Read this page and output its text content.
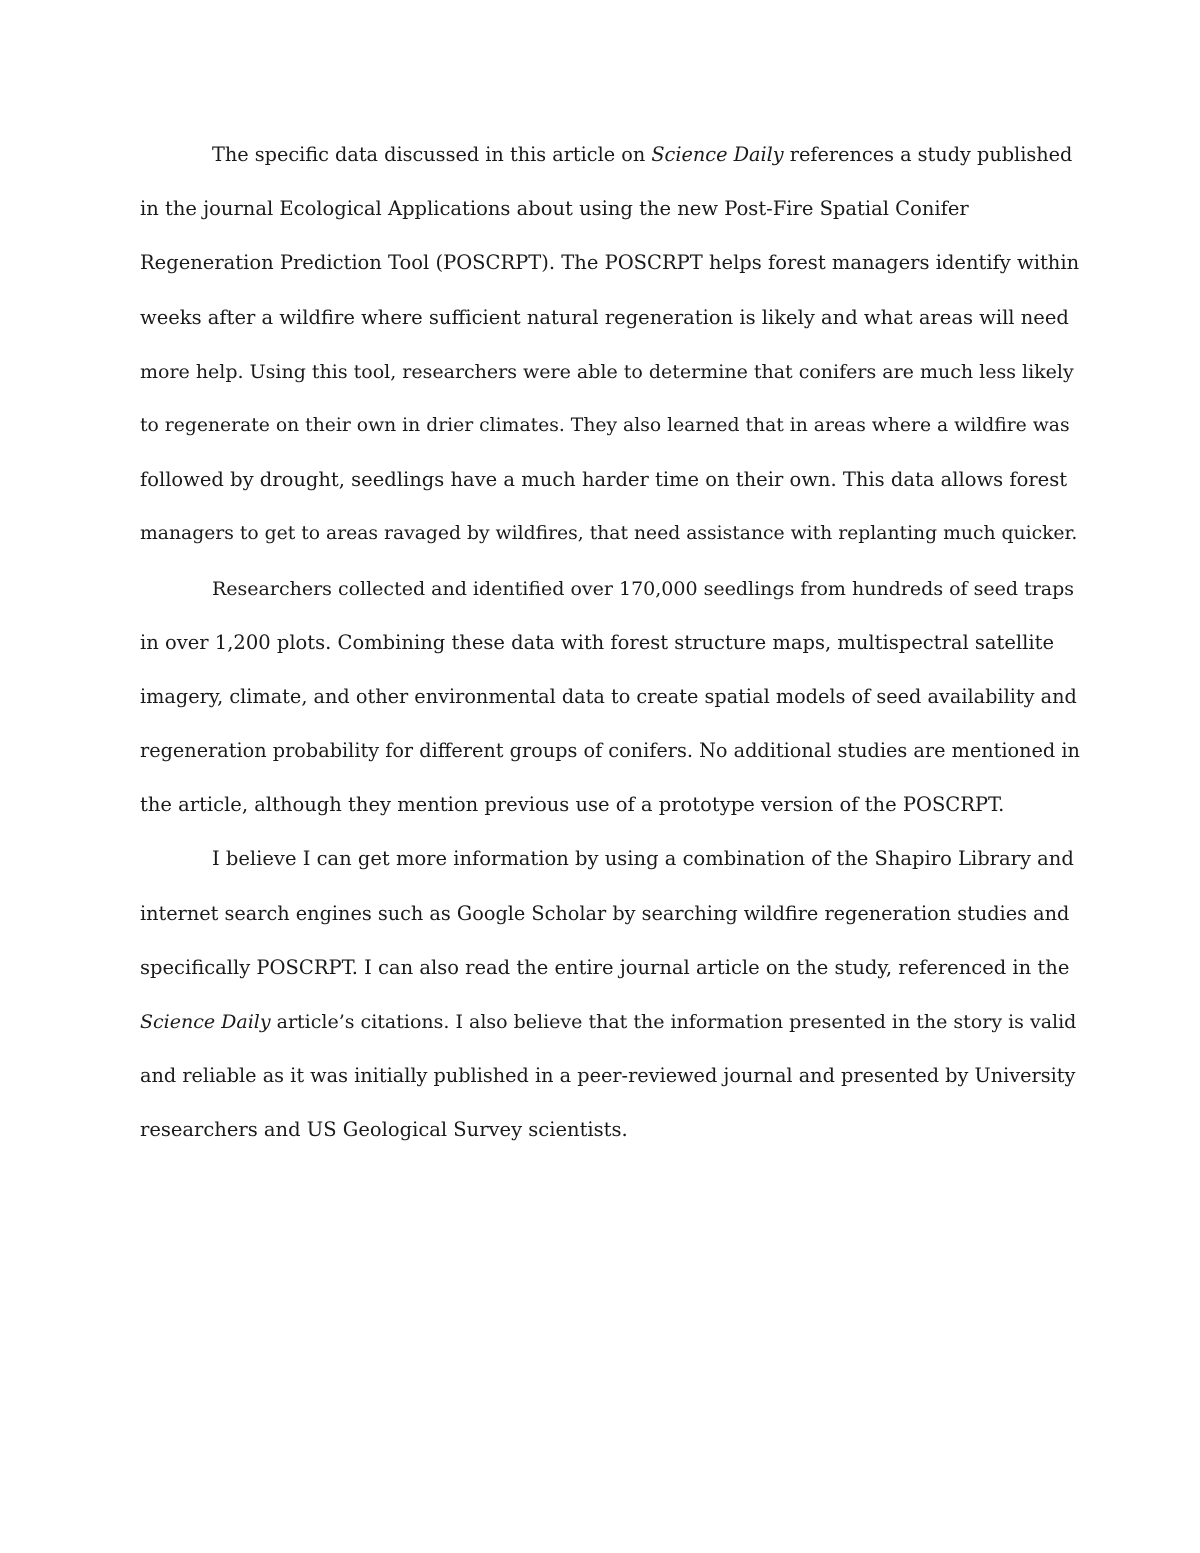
The specific data discussed in this article on Science Daily references a study published
in the journal Ecological Applications about using the new Post-Fire Spatial Conifer
Regeneration Prediction Tool (POSCRPT). The POSCRPT helps forest managers identify within
weeks after a wildfire where sufficient natural regeneration is likely and what areas will need
more help. Using this tool, researchers were able to determine that conifers are much less likely
to regenerate on their own in drier climates. They also learned that in areas where a wildfire was
followed by drought, seedlings have a much harder time on their own. This data allows forest
managers to get to areas ravaged by wildfires, that need assistance with replanting much quicker.
Researchers collected and identified over 170,000 seedlings from hundreds of seed traps
in over 1,200 plots. Combining these data with forest structure maps, multispectral satellite
imagery, climate, and other environmental data to create spatial models of seed availability and
regeneration probability for different groups of conifers. No additional studies are mentioned in
the article, although they mention previous use of a prototype version of the POSCRPT.
I believe I can get more information by using a combination of the Shapiro Library and
internet search engines such as Google Scholar by searching wildfire regeneration studies and
specifically POSCRPT. I can also read the entire journal article on the study, referenced in the
Science Daily article’s citations. I also believe that the information presented in the story is valid
and reliable as it was initially published in a peer-reviewed journal and presented by University
researchers and US Geological Survey scientists.
